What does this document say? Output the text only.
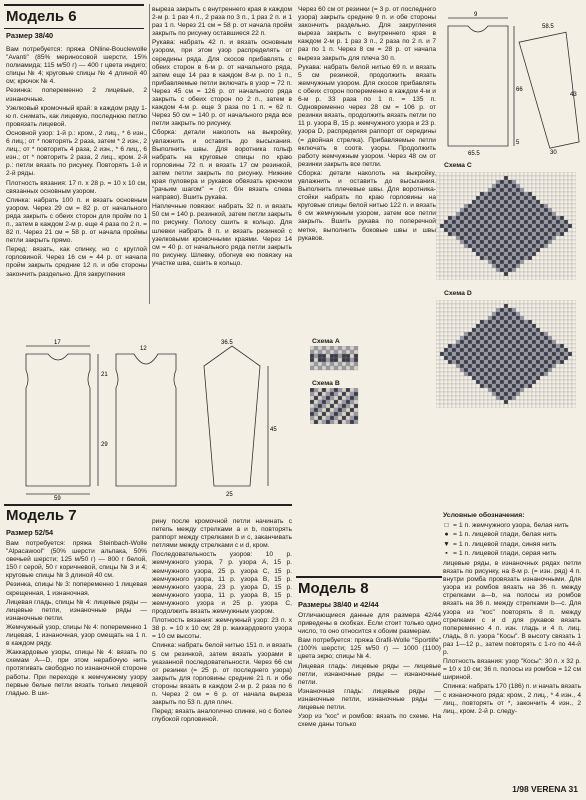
Модель 6
Размер 38/40

Вам потребуется: пряжа ONline-Bouclewolle "Avanti" (85% мериносовой шерсти, 15% полиамида; 115 м/50 г) — 400 г цвета индиго; спицы № 4; круговые спицы № 4 длиной 40 см; крючок № 4.

Резинка: попеременно 2 лицевые, 2 изнаночные.

Узелковый кромочный край: в каждом ряду 1-ю п. снимать, как лицевую, последнюю петлю провязать лицевой.

Основной узор: 1-й р.: кром., 2 лиц., * 6 изн., 6 лиц.; от * повторять 2 раза, затем * 2 изн., 2 лиц.; от * повторить 4 раза, 2 изн., * 6 лиц., 6 изн.; от * повторить 2 раза, 2 лиц., кром. 2-й р.: петли вязать по рисунку. Повторять 1-й и 2-й ряды.

Плотность вязания: 17 п. х 28 р. = 10 х 10 см, связанных основным узором.

Спинка: набрать 100 п. и вязать основным узором. Через 29 см = 82 р. от начального ряда закрыть с обеих сторон для пройм по 1 п., затем в каждом 2-м р. еще 4 раза по 2 п. = 82 п. Через 21 см = 58 р. от начала проймы петли закрыть прямо.

Перед: вязать, как спинку, но с круглой горловиной. Через 16 см = 44 р. от начала пройм закрыть средние 12 п. и обе стороны закончить раздельно. Для закругления

вырезa закрыть с внутреннего края в каждом 2-м р. 1 раз 4 п., 2 раза по 3 п., 1 раз 2 п. и 1 раз 1 п. Через 21 см = 58 р. от начала пройм закрыть по рисунку оставшиеся 22 п.

Рукава: набрать 42 п. и вязать основным узором, при этом узор распределять от середины ряда. Для скосов прибавлять с обеих сторон в 6-м р. от начального ряда, затем еще 14 раз в каждом 8-м р. по 1 п., прибавляемые петли включать в узор = 72 п. Через 45 см = 126 р. от начального ряда закрыть с обеих сторон по 2 п., затем в каждом 4-м р. еще 3 раза по 1 п. = 62 п. Через 50 см = 140 р. от начального ряда все петли закрыть по рисунку.

Сборка: детали наколоть на выкройку, увлажнить и оставить до высыхания. Выполнить швы. Для воротника гольф набрать на круговые спицы по краю горловины 72 п. и вязать 17 см резинкой, затем петли закрыть по рисунку. Нижние края пуловера и рукавов обвязать крючком "рачьим шагом" = (ст. б/н вязать слева направо). Вшить рукава.

Наплечные повязки: набрать 32 п. и вязать 50 см = 140 р. резинкой, затем петли закрыть по рисунку. Полосу сшить в кольцо. Для шлевки набрать 8 п. и вязать резинкой с узелковыми кромочными краями. Через 14 см = 40 р. от начального ряда петли закрыть по рисунку. Шлевку, обогнув ею повязку на участке шва, сшить в кольцо.

17
59
21
29
12
36.5
45
25
9
65.5
66
5
58.5
30
43

Через 60 см от резинки (= 3 р. от последнего узора) закрыть средние 9 п. и обе стороны закончить раздельно. Для закругления вырезa закрыть с внутреннего края в каждом 2-м р. 1 раз 3 п., 2 раза по 2 п. и 7 раз по 1 п. Через 8 см = 28 р. от начала вырезa закрыть для плеча 30 п.

Рукава: набрать белой нитью 69 п. и вязать 5 см резинкой, продолжить вязать жемчужным узором. Для скосов прибавлять с обеих сторон попеременно в каждом 4-м и 6-м р. 33 раза по 1 п. = 135 п. Одновременно через 28 см = 106 р. от резинки вязать, продолжить вязать петли по 11 р. узора В, 15 р. жемчужного узора и 23 р. узора D, распределяя раппорт от середины (= двойная стрелка). Прибавляемые петли включать в соотв. узоры. Продолжить работу жемчужным узором. Через 48 см от резинки закрыть все петли.

Сборка: детали наколоть на выкройку, увлажнить и оставить до высыхания. Выполнить плечевые швы. Для воротника-стойки набрать по краю горловины на круговые спицы белой нитью 122 п. и вязать 6 см жемчужным узором, затем все петли закрыть. Вшить рукава по поперечной метке, выполнить боковые швы и швы рукавов.

Схема С
Схема D
Схема А
Схема В
Условные обозначения:
□ = 1 п. жемчужного узора, белая нить
● = 1 п. лицевой глади, белая нить
▼ = 1 п. лицевой глади, синяя нить
▪ = 1 п. лицевой глади, серая нить
Модель 7
Размер 52/54

Вам потребуется: пряжа Steinbach-Wolle "Alpacawool" (50% шерсти альпака, 50% овечьей шерсти; 125 м/50 г) — 800 г белой, 150 г серой, 50 г коричневой, спицы № 3 и 4; круговые спицы № 3 длиной 40 см.

Резинка, спицы № 3: попеременно 1 лицевая скрещенная, 1 изнаночная.

Лицевая гладь, спицы № 4: лицевые ряды — лицевые петли, изнаночные ряды — изнаночные петли.

Жемчужный узор, спицы № 4: попеременно 1 лицевая, 1 изнаночная, узор смещать на 1 п. в каждом ряду.

Жаккардовые узоры, спицы № 4: вязать по схемам А—D, при этом нерабочую нить протягивать свободно по изнаночной стороне работы. При переходе к жемчужному узору первые белые петли вязать только лицевой гладью. В ши-

рину после кромочной петли начинать с петель между стрелками а и b, повторять раппорт между стрелками b и c, заканчивать петлями между стрелками с и d, кром.

Последовательность узоров: 10 р. жемчужного узора, 7 р. узора А, 15 р. жемчужного узора, 25 р. узора С, 15 р. жемчужного узора, 11 р. узора В, 15 р. жемчужного узора, 23 р. узора D, 15 р. жемчужного узора, 11 р. узора В, 15 р. жемчужного узора и 25 р. узора С, продолжить вязать жемчужным узором.

Плотность вязания: жемчужный узор: 23 п. х 38 р. = 10 х 10 см; 28 р. жаккардового узора = 10 см высоты.

Спинка: набрать белой нитью 151 п. и вязать 5 см резинкой, затем вязать узорами в указанной последовательности. Через 66 см от резинки (= 25 р. от последнего узора) закрыть для горловины средние 21 п. и обе стороны вязать в каждом 2-м р. 2 раза по 6 п. Через 2 см = 6 р. от начала вырезa закрыть по 53 п. для плеч.

Перед: вязать аналогично спинке, но с более глубокой горловиной.

Модель 8
Размеры 38/40 и 42/44

Отличающиеся данные для размера 42/44 приведены в скобках. Если стоит только одно число, то оно относится к обоим размерам.

Вам потребуется: пряжа Grafil-Wolle "Sportlife" (100% шерсти; 125 м/50 г) — 1000 (1100) цвета экрю; спицы № 4.

Лицевая гладь: лицевые ряды — лицевые петли, изнаночные ряды — изнаночные петли.

Изнаночная гладь: лицевые ряды — изнаночные петли, изнаночные ряды — лицевые петли.

Узор из "кос" и ромбов: вязать по схеме. На схеме даны только

лицевые ряды, в изнаночных рядах петли вязать по рисунку, на 8-м р. (= изн. ряд) 4 п. внутри ромба провязать изнаночными. Для узора из ромбов вязать на 36 п. между стрелками а—b, на полосы из ромбов вязать на 36 п. между стрелками b—c. Для узора из "кос" повторять 8 п. между стрелками с и d для рукавов вязать попеременно 4 п. изн. гладь и 4 п. лиц. гладь, 8 п. узора "Косы". В высоту связать 1 раз 1—12 р., затем повторять с 1-го по 44-й р.

Плотность вязания: узор "Косы": 30 п. х 32 р. = 10 х 10 см; 36 п. полосы из ромбов = 12 см шириной.

Спинка: набрать 170 (186) п. и начать вязать с изнаночного ряда: кром., 2 лиц., * 4 изн., 4 лиц., повторять от *, закончить 4 изн., 2 лиц., кром. 2-й р. следу-

1/98 VERENA 31
